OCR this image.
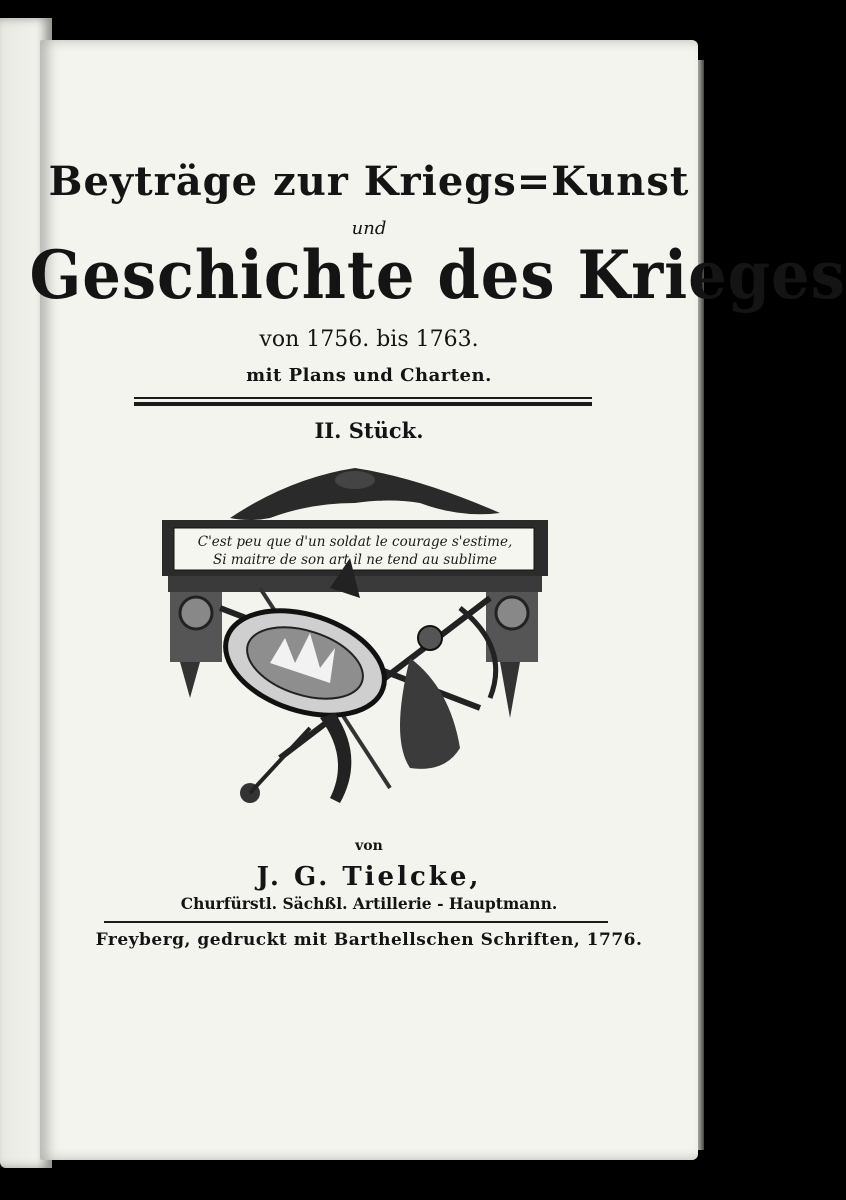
Beyträge zur Kriegs=Kunst
und
Geschichte des Krieges
von 1756. bis 1763.
mit Plans und Charten.
II. Stück.
C'est peu que d'un soldat le courage s'estime,
Si maitre de son art il ne tend au sublime
von
J. G. Tielcke,
Churfürstl. Sächßl. Artillerie - Hauptmann.
Freyberg, gedruckt mit Barthellschen Schriften, 1776.
